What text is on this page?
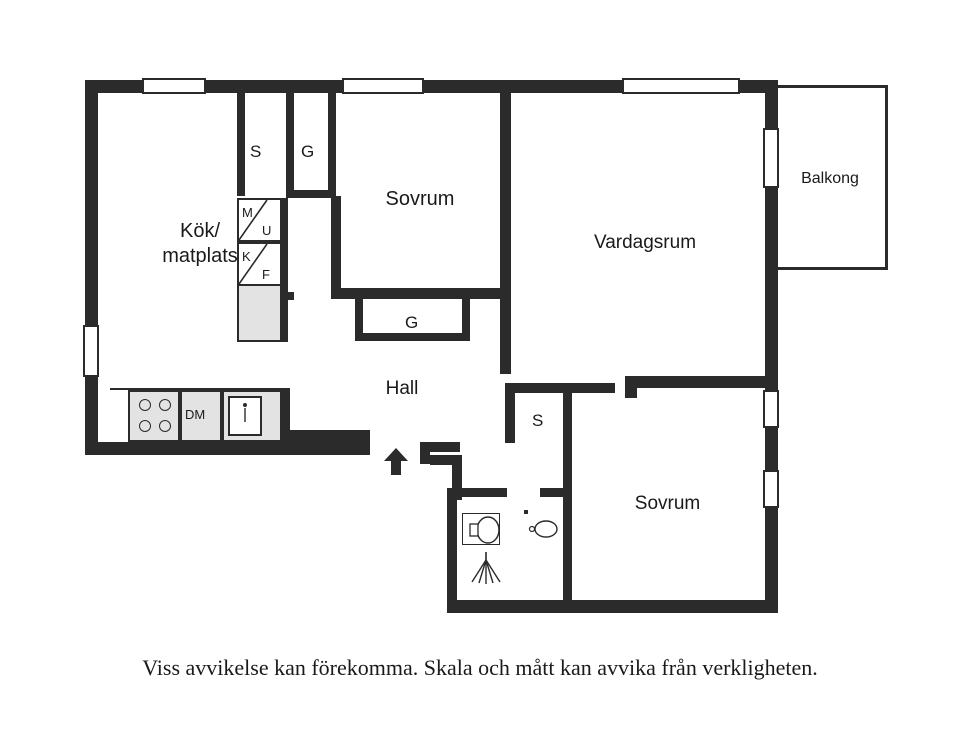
M
U
K
F
DM
Kök/
matplats
S G
Sovrum
Vardagsrum
Balkong
G
Hall
S
Sovrum
Viss avvikelse kan förekomma. Skala och mått kan avvika från verkligheten.
